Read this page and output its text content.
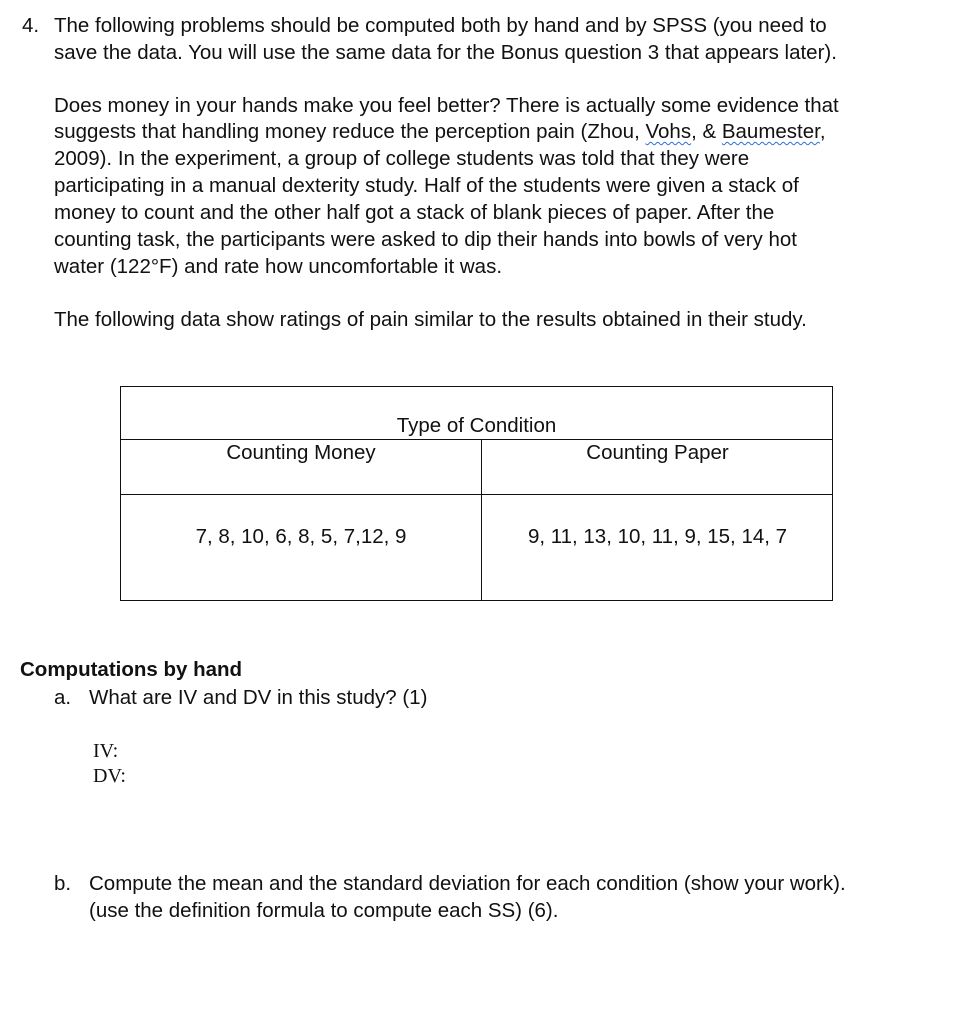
4. The following problems should be computed both by hand and by SPSS (you need to
save the data. You will use the same data for the Bonus question 3 that appears later).
Does money in your hands make you feel better? There is actually some evidence that
suggests that handling money reduce the perception pain (Zhou, Vohs, & Baumester,
2009). In the experiment, a group of college students was told that they were
participating in a manual dexterity study. Half of the students were given a stack of
money to count and the other half got a stack of blank pieces of paper. After the
counting task, the participants were asked to dip their hands into bowls of very hot
water (122°F) and rate how uncomfortable it was.
The following data show ratings of pain similar to the results obtained in their study.
Type of Condition
Counting Money	Counting Paper
7, 8, 10, 6, 8, 5, 7,12, 9	9, 11, 13, 10, 11, 9, 15, 14, 7
Computations by hand
a. What are IV and DV in this study? (1)
IV:
DV:
b. Compute the mean and the standard deviation for each condition (show your work).
(use the definition formula to compute each SS) (6).
